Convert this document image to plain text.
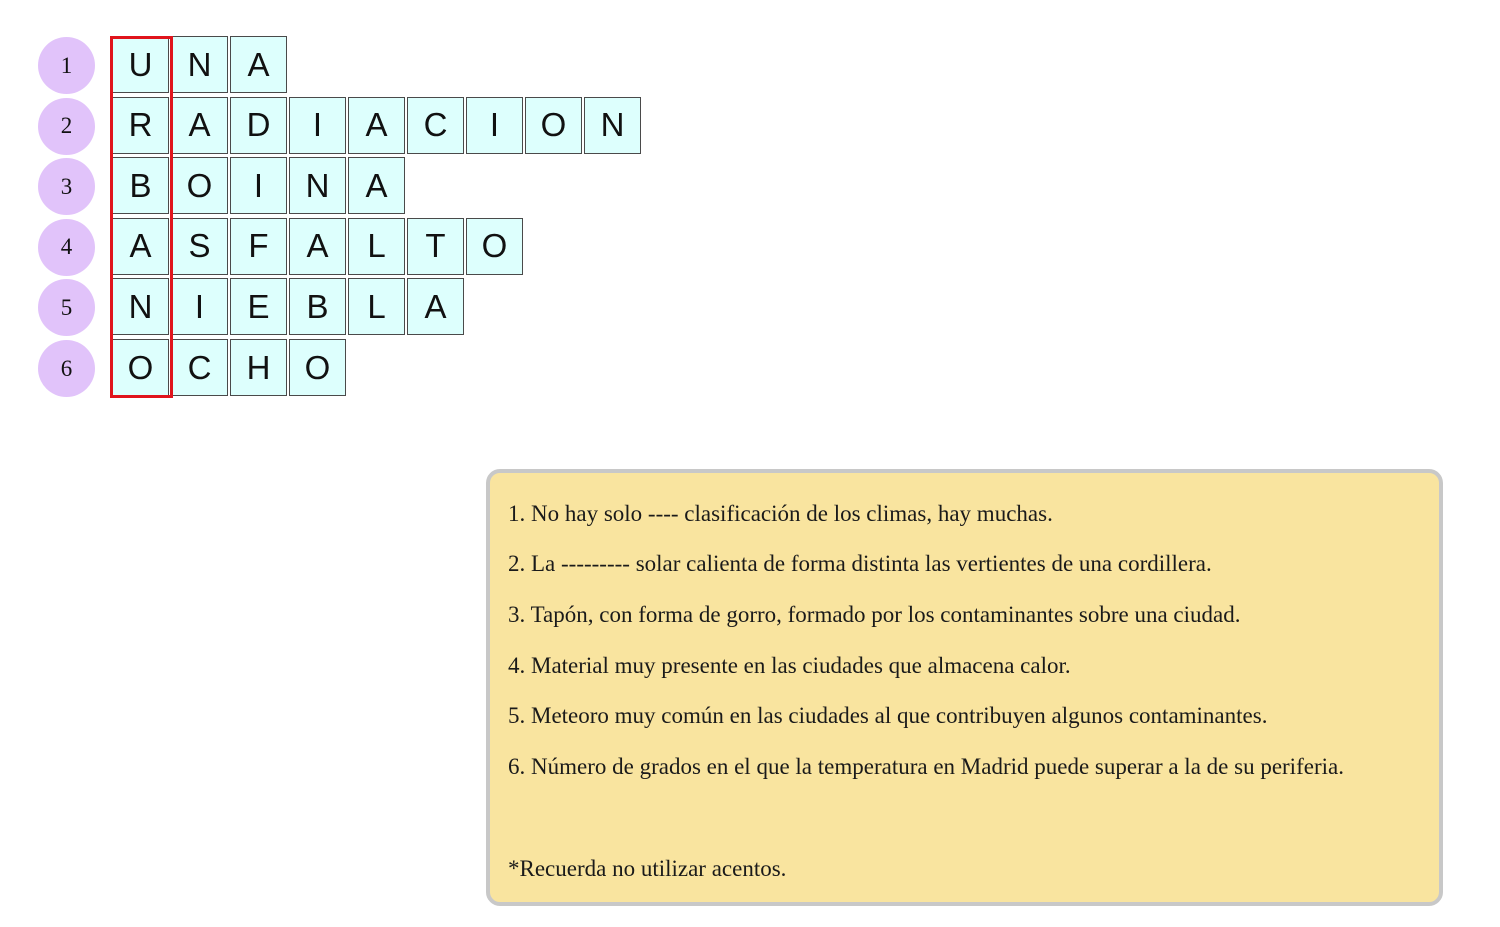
1
U
N
A
2
R
A
D
I
A
C
I
O
N
3
B
O
I
N
A
4
A
S
F
A
L
T
O
5
N
I
E
B
L
A
6
O
C
H
O
1. No hay solo ---- clasificación de los climas, hay muchas.
2. La --------- solar calienta de forma distinta las vertientes de una cordillera.
3. Tapón, con forma de gorro, formado por los contaminantes sobre una ciudad.
4. Material muy presente en las ciudades que almacena calor.
5. Meteoro muy común en las ciudades al que contribuyen algunos contaminantes.
6. Número de grados en el que la temperatura en Madrid puede superar a la de su periferia.
*Recuerda no utilizar acentos.
